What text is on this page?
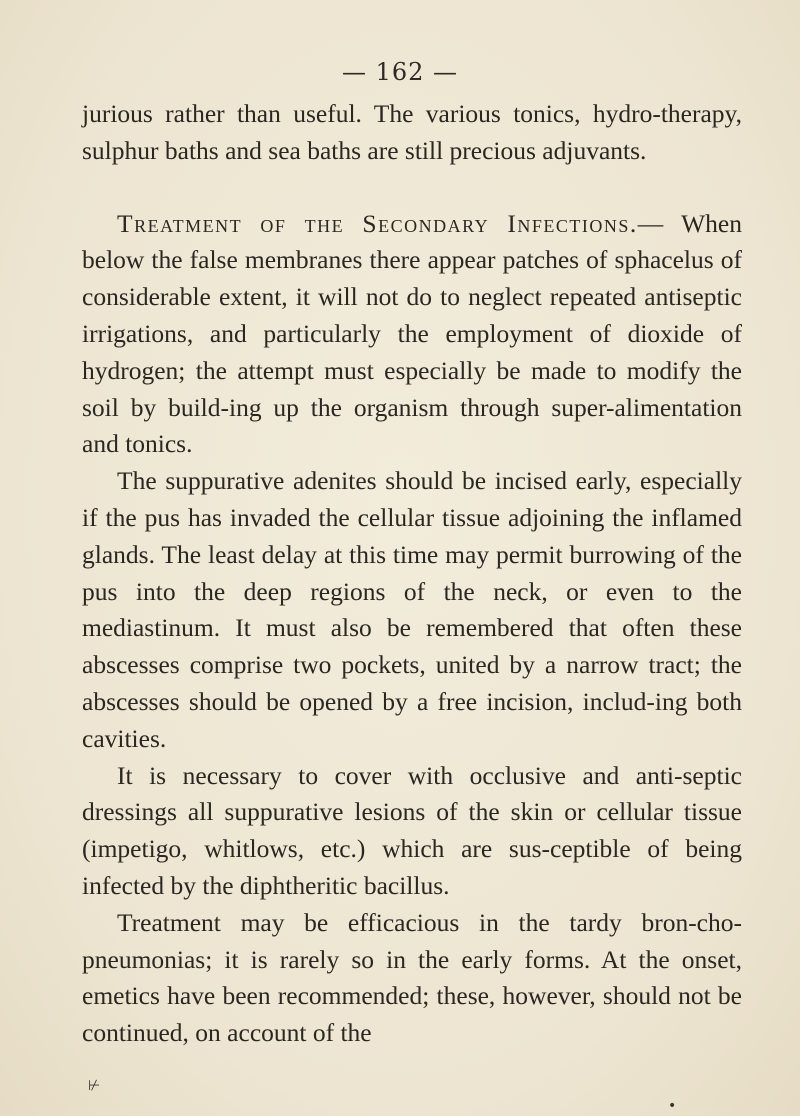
— 162 —

jurious rather than useful. The various tonics, hydro-therapy, sulphur baths and sea baths are still precious adjuvants.

Treatment of the Secondary Infections.— When below the false membranes there appear patches of sphacelus of considerable extent, it will not do to neglect repeated antiseptic irrigations, and particularly the employment of dioxide of hydrogen; the attempt must especially be made to modify the soil by build-ing up the organism through super-alimentation and tonics.

The suppurative adenites should be incised early, especially if the pus has invaded the cellular tissue adjoining the inflamed glands. The least delay at this time may permit burrowing of the pus into the deep regions of the neck, or even to the mediastinum. It must also be remembered that often these abscesses comprise two pockets, united by a narrow tract; the abscesses should be opened by a free incision, includ-ing both cavities.

It is necessary to cover with occlusive and anti-septic dressings all suppurative lesions of the skin or cellular tissue (impetigo, whitlows, etc.) which are sus-ceptible of being infected by the diphtheritic bacillus.

Treatment may be efficacious in the tardy bron-cho-pneumonias; it is rarely so in the early forms. At the onset, emetics have been recommended; these, however, should not be continued, on account of the

⊬
•
